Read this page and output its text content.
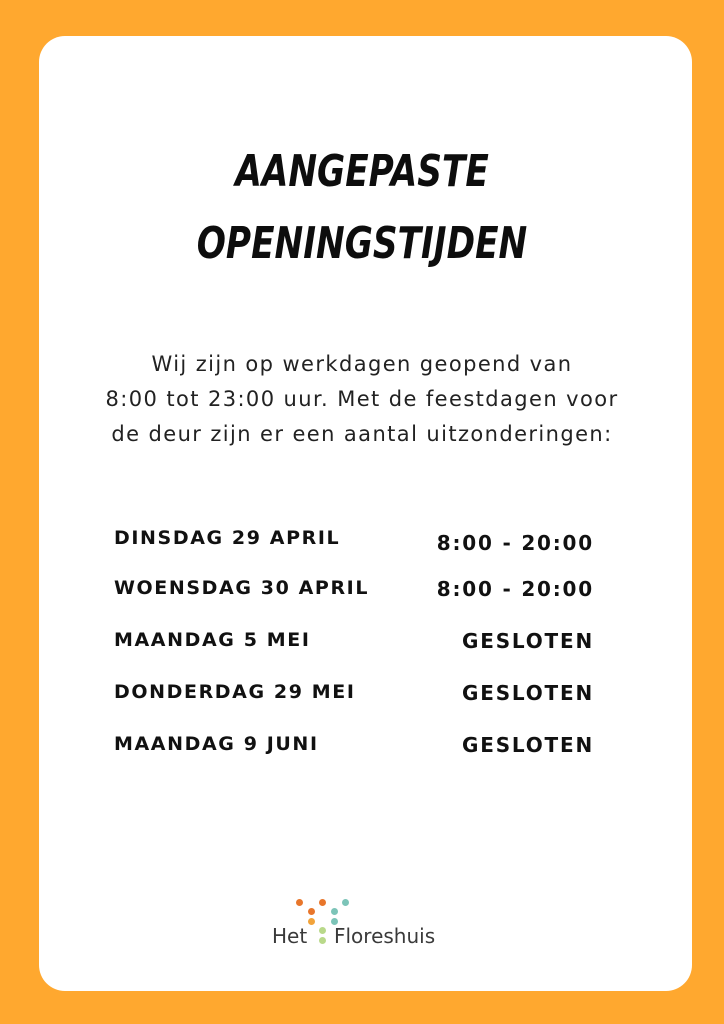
AANGEPASTE
OPENINGSTIJDEN

Wij zijn op werkdagen geopend van

8:00 tot 23:00 uur. Met de feestdagen voor

de deur zijn er een aantal uitzonderingen:

DINSDAG 29 APRIL	8:00 - 20:00
WOENSDAG 30 APRIL	8:00 - 20:00
MAANDAG 5 MEI	GESLOTEN
DONDERDAG 29 MEI	GESLOTEN
MAANDAG 9 JUNI	GESLOTEN
Het Floreshuis
